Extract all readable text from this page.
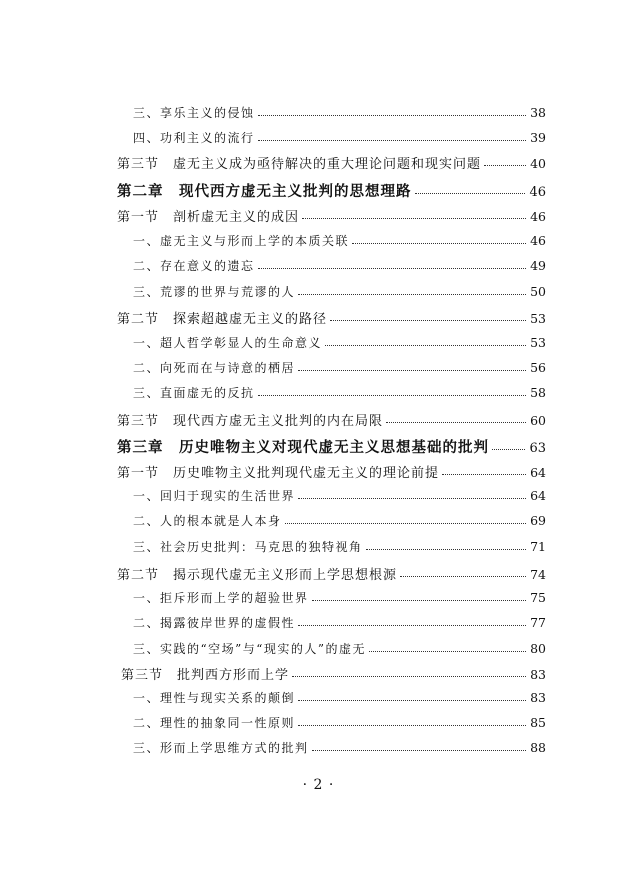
三、享乐主义的侵蚀	38
四、功利主义的流行	39
第三节　虚无主义成为亟待解决的重大理论问题和现实问题	40
第二章　现代西方虚无主义批判的思想理路	46
第一节　剖析虚无主义的成因	46
一、虚无主义与形而上学的本质关联	46
二、存在意义的遗忘	49
三、荒谬的世界与荒谬的人	50
第二节　探索超越虚无主义的路径	53
一、超人哲学彰显人的生命意义	53
二、向死而在与诗意的栖居	56
三、直面虚无的反抗	58
第三节　现代西方虚无主义批判的内在局限	60
第三章　历史唯物主义对现代虚无主义思想基础的批判	63
第一节　历史唯物主义批判现代虚无主义的理论前提	64
一、回归于现实的生活世界	64
二、人的根本就是人本身	69
三、社会历史批判：马克思的独特视角	71
第二节　揭示现代虚无主义形而上学思想根源	74
一、拒斥形而上学的超验世界	75
二、揭露彼岸世界的虚假性	77
三、实践的“空场”与“现实的人”的虚无	80
第三节　批判西方形而上学	83
一、理性与现实关系的颠倒	83
二、理性的抽象同一性原则	85
三、形而上学思维方式的批判	88
· 2 ·
